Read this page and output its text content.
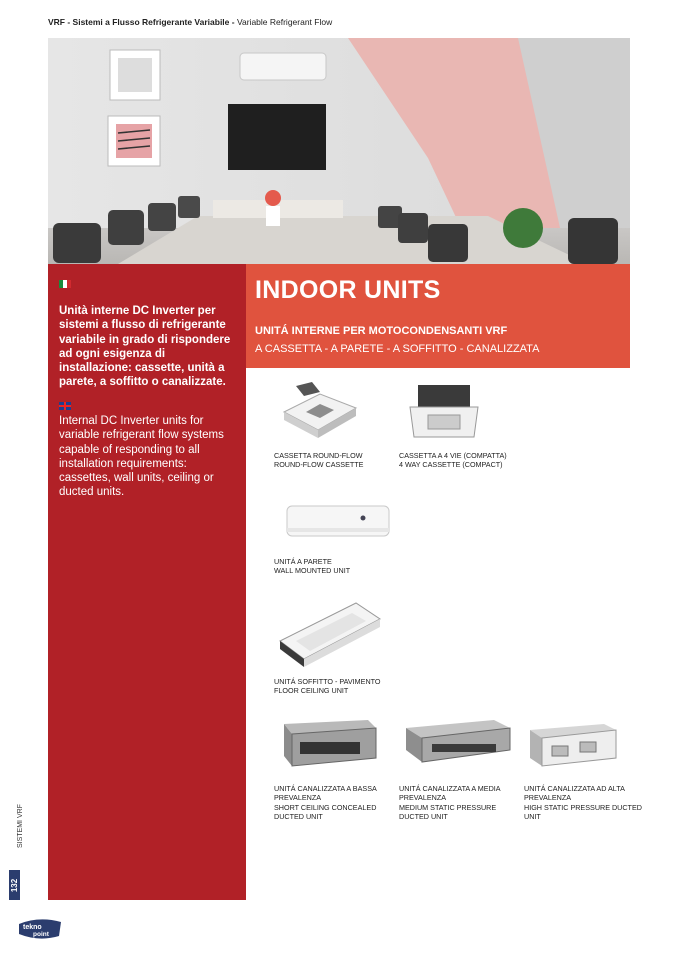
VRF - Sistemi a Flusso Refrigerante Variabile - Variable Refrigerant Flow
Unità interne DC Inverter per sistemi a flusso di refrigerante variabile in grado di rispondere ad ogni esigenza di installazione: cassette, unità a parete, a soffitto o canalizzate.
Internal DC Inverter units for variable refrigerant flow systems capable of responding to all installation requirements: cassettes, wall units, ceiling or ducted units.
INDOOR UNITS
UNITÁ INTERNE PER MOTOCONDENSANTI VRF
A CASSETTA - A PARETE - A SOFFITTO - CANALIZZATA
CASSETTA ROUND-FLOW
ROUND-FLOW CASSETTE
CASSETTA A 4 VIE (COMPATTA)
4 WAY CASSETTE (COMPACT)
UNITÁ A PARETE
WALL MOUNTED UNIT
UNITÁ SOFFITTO - PAVIMENTO
FLOOR CEILING UNIT
UNITÁ CANALIZZATA A BASSA PREVALENZA
SHORT CEILING CONCEALED DUCTED UNIT
UNITÁ CANALIZZATA A MEDIA PREVALENZA
MEDIUM STATIC PRESSURE DUCTED UNIT
UNITÁ CANALIZZATA AD ALTA PREVALENZA
HIGH STATIC PRESSURE DUCTED UNIT
SISTEMI VRF
132
tekno
point
